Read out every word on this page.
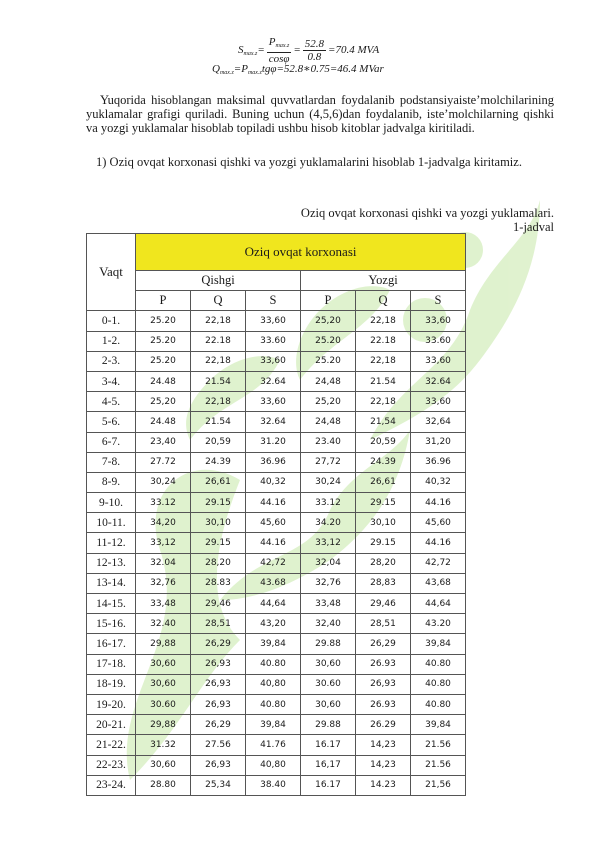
$S_{max.z}= \frac{P_{max.z}}{\cos\varphi} = \frac{52.8}{0.8} =70.4$ MVA
$Q_{max.z}=P_{max.z}tg\varphi=52.8∗0.75=46.4$ MVar
Yuqorida hisoblangan maksimal quvvatlardan foydalanib podstansiyaiste’molchilarining yuklamalar grafigi quriladi. Buning uchun (4,5,6)dan foydalanib, iste’molchilarning qishki va yozgi yuklamalar hisoblab topiladi ushbu hisob kitoblar jadvalga kiritiladi.
1) Oziq ovqat korxonasi qishki va yozgi yuklamalarini hisoblab 1-jadvalga kiritamiz.
Oziq ovqat korxonasi qishki va yozgi yuklamalari.
1-jadval
Vaqt	Oziq ovqat korxonasi					
	Qishgi			Yozgi		
	P	Q	S	P	Q	S
0-1.	25.20	22,18	33,60	25,20	22,18	33,60
1-2.	25.20	22.18	33.60	25.20	22.18	33.60
2-3.	25.20	22,18	33,60	25.20	22,18	33,60
3-4.	24.48	21.54	32.64	24,48	21.54	32.64
4-5.	25,20	22,18	33,60	25,20	22,18	33,60
5-6.	24.48	21.54	32.64	24,48	21,54	32,64
6-7.	23,40	20,59	31.20	23.40	20,59	31,20
7-8.	27.72	24.39	36.96	27,72	24.39	36.96
8-9.	30,24	26,61	40,32	30,24	26,61	40,32
9-10.	33.12	29.15	44.16	33.12	29.15	44.16
10-11.	34,20	30,10	45,60	34.20	30,10	45,60
11-12.	33,12	29.15	44.16	33,12	29.15	44.16
12-13.	32.04	28,20	42,72	32,04	28,20	42,72
13-14.	32,76	28.83	43.68	32,76	28,83	43,68
14-15.	33,48	29,46	44,64	33,48	29,46	44,64
15-16.	32.40	28,51	43,20	32,40	28,51	43.20
16-17.	29,88	26,29	39,84	29.88	26,29	39,84
17-18.	30,60	26,93	40.80	30,60	26.93	40.80
18-19.	30,60	26,93	40,80	30.60	26,93	40.80
19-20.	30.60	26,93	40.80	30,60	26.93	40.80
20-21.	29,88	26,29	39,84	29.88	26.29	39,84
21-22.	31.32	27.56	41.76	16.17	14,23	21.56
22-23.	30,60	26,93	40,80	16,17	14,23	21.56
23-24.	28.80	25,34	38.40	16.17	14.23	21,56
